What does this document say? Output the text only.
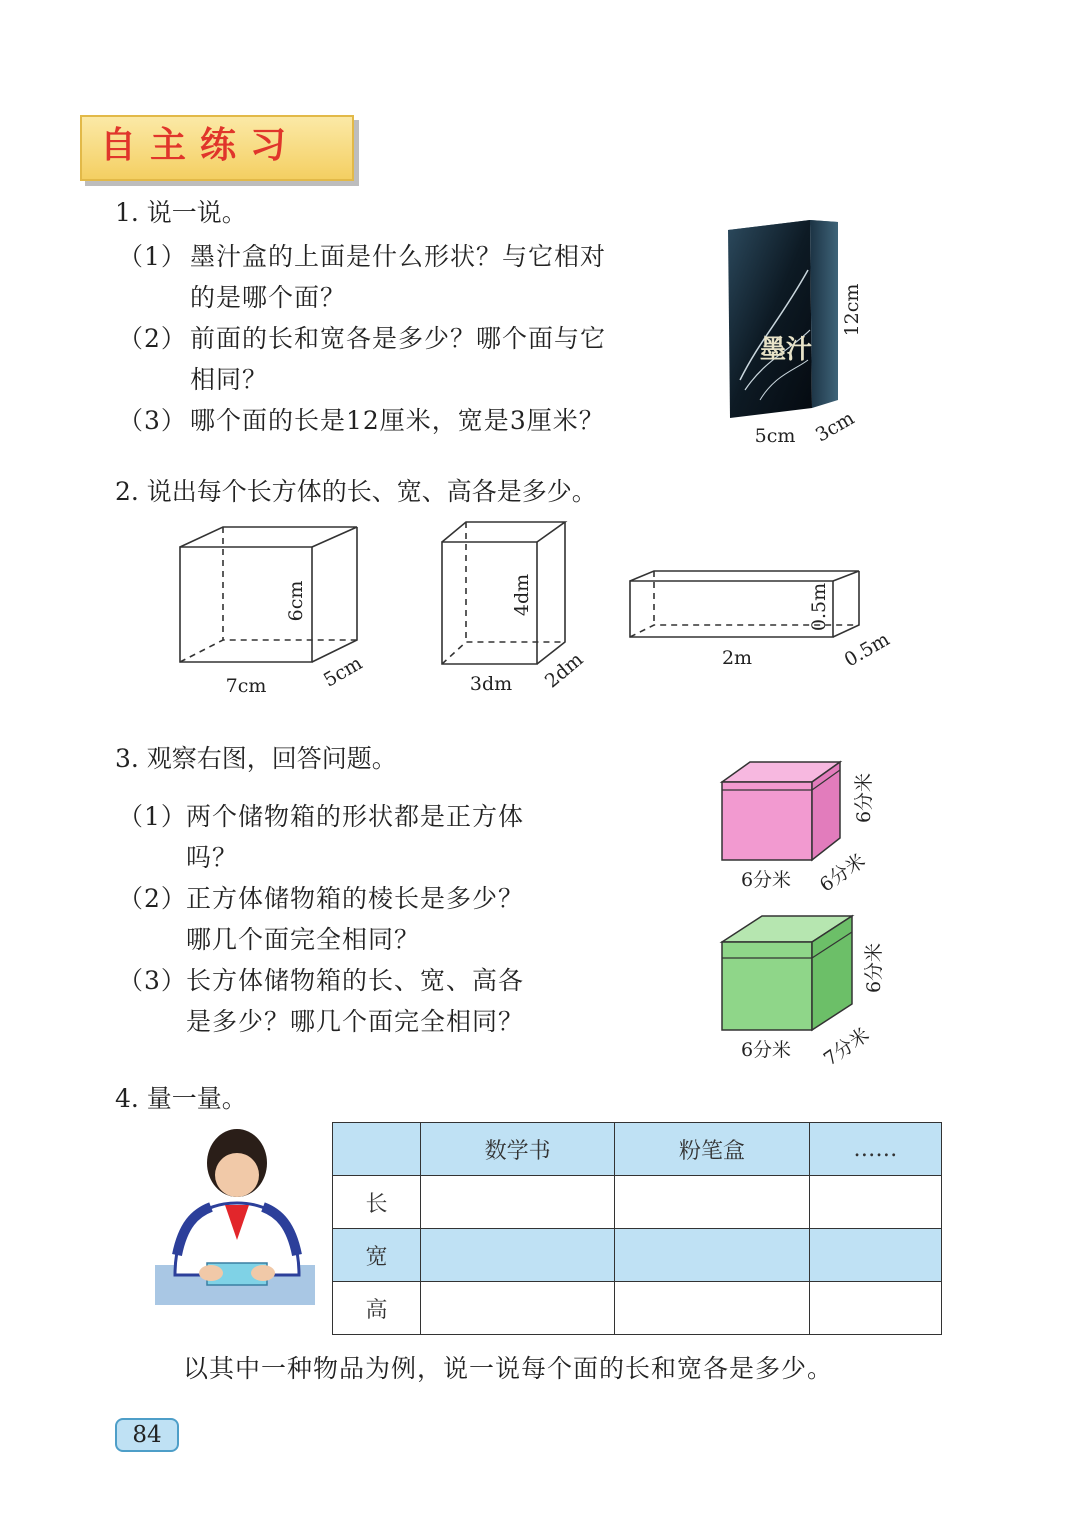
自主练习
1. 说一说。
（1） 墨汁盒的上面是什么形状？与它相对
的是哪个面？
（2） 前面的长和宽各是多少？哪个面与它
相同？
（3） 哪个面的长是12厘米，宽是3厘米？
墨汁
12cm
5cm 3cm
2. 说出每个长方体的长、宽、高各是多少。
7cm	5cm
6cm
3dm 2dm
4dm
2m	0.5m
0.5m
3. 观察右图，回答问题。
（1） 两个储物箱的形状都是正方体
吗？
（2） 正方体储物箱的棱长是多少？
哪几个面完全相同？
（3） 长方体储物箱的长、宽、高各
是多少？哪几个面完全相同？
6分米 6分米
6分米
6分米 7分米
6分米
4. 量一量。
	数学书	粉笔盒	……
长			
宽			
高			
以其中一种物品为例，说一说每个面的长和宽各是多少。
84
